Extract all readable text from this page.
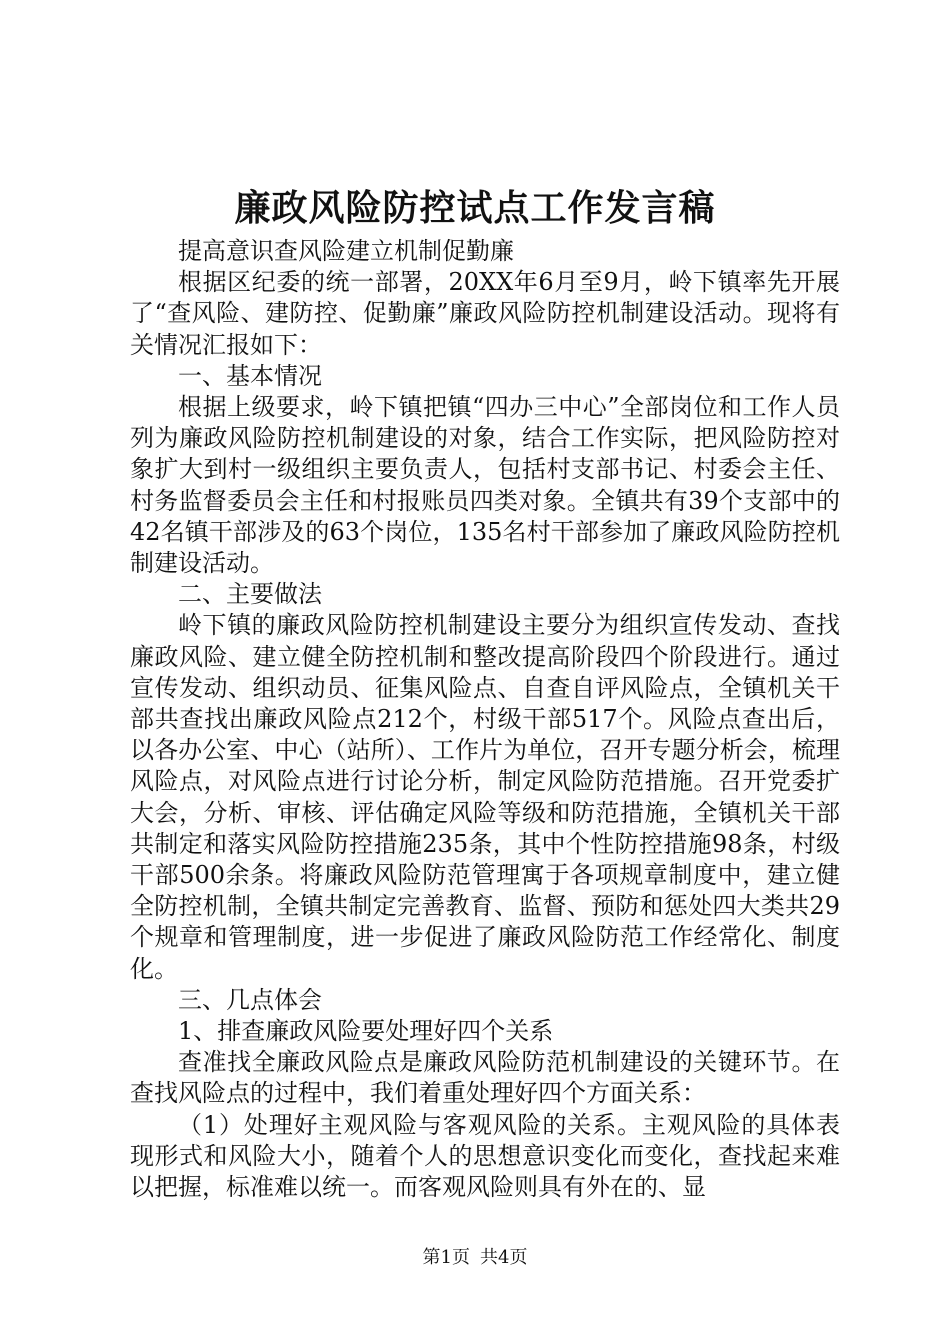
廉政风险防控试点工作发言稿

提高意识查风险建立机制促勤廉

根据区纪委的统一部署，20XX年6月至9月，岭下镇率先开展了“查风险、建防控、促勤廉”廉政风险防控机制建设活动。现将有关情况汇报如下：

一、基本情况

根据上级要求，岭下镇把镇“四办三中心”全部岗位和工作人员列为廉政风险防控机制建设的对象，结合工作实际，把风险防控对象扩大到村一级组织主要负责人，包括村支部书记、村委会主任、村务监督委员会主任和村报账员四类对象。全镇共有39个支部中的42名镇干部涉及的63个岗位，135名村干部参加了廉政风险防控机制建设活动。

二、主要做法

岭下镇的廉政风险防控机制建设主要分为组织宣传发动、查找廉政风险、建立健全防控机制和整改提高阶段四个阶段进行。通过宣传发动、组织动员、征集风险点、自查自评风险点，全镇机关干部共查找出廉政风险点212个，村级干部517个。风险点查出后，以各办公室、中心（站所）、工作片为单位，召开专题分析会，梳理风险点，对风险点进行讨论分析，制定风险防范措施。召开党委扩大会，分析、审核、评估确定风险等级和防范措施，全镇机关干部共制定和落实风险防控措施235条，其中个性防控措施98条，村级干部500余条。将廉政风险防范管理寓于各项规章制度中，建立健全防控机制，全镇共制定完善教育、监督、预防和惩处四大类共29个规章和管理制度，进一步促进了廉政风险防范工作经常化、制度化。

三、几点体会

1、排查廉政风险要处理好四个关系

查准找全廉政风险点是廉政风险防范机制建设的关键环节。在查找风险点的过程中，我们着重处理好四个方面关系：

（1）处理好主观风险与客观风险的关系。主观风险的具体表现形式和风险大小，随着个人的思想意识变化而变化，查找起来难以把握，标准难以统一。而客观风险则具有外在的、显

第1页 共4页
